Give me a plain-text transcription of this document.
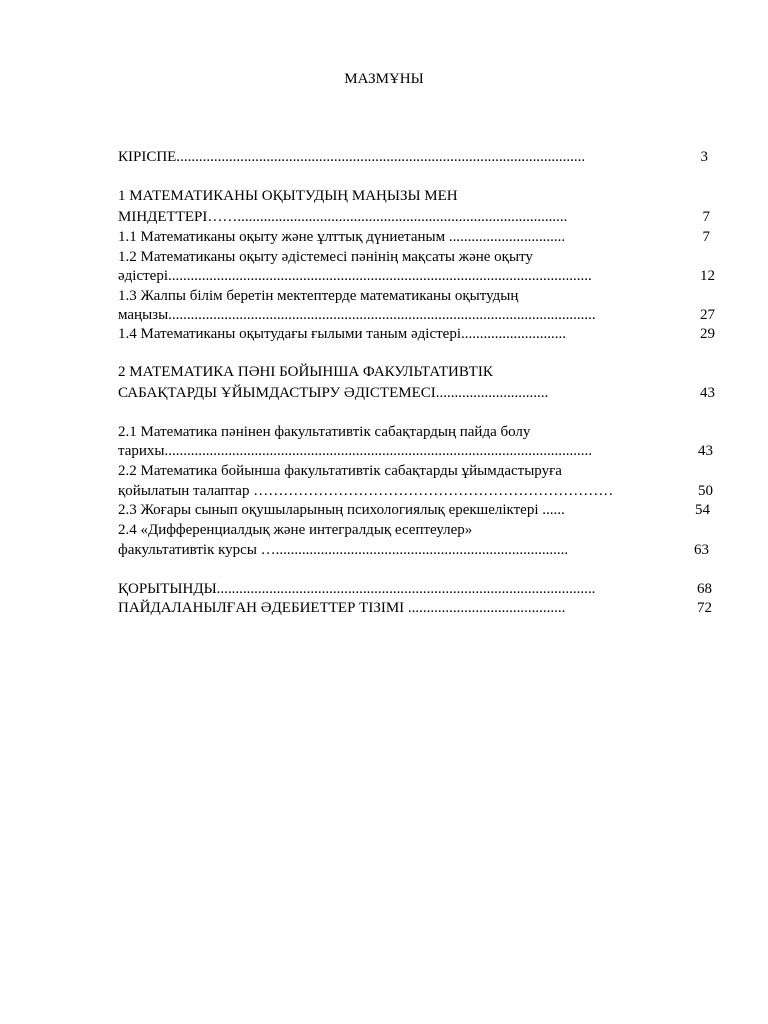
МАЗМҰНЫ
КІРІСПЕ.............................................................................................................	3
1 МАТЕМАТИКАНЫ ОҚЫТУДЫҢ МАҢЫЗЫ МЕН
МІНДЕТТЕРІ……........................................................................................	7
1.1 Математиканы оқыту және ұлттық дүниетаным ...............................	7
1.2 Математиканы оқыту әдістемесі пәнінің мақсаты және оқыту
әдістері.................................................................................................................	12
1.3 Жалпы білім беретін мектептерде математиканы оқытудың
маңызы..................................................................................................................	27
1.4 Математиканы оқытудағы ғылыми таным әдістері............................	29
2 МАТЕМАТИКА ПӘНІ БОЙЫНША ФАКУЛЬТАТИВТІК
САБАҚТАРДЫ ҰЙЫМДАСТЫРУ ӘДІСТЕМЕСІ..............................	43
2.1 Математика пәнінен факультативтік сабақтардың пайда болу
тарихы..................................................................................................................	43
2.2 Математика бойынша факультативтік сабақтарды ұйымдастыруға
қойылатын талаптар ………………………………………………………………	50
2.3 Жоғары сынып оқушыларының психологиялық ерекшеліктері ......	54
2.4 «Дифференциалдық және интегралдық есептеулер»
факультативтік курсы …..............................................................................	63
ҚОРЫТЫНДЫ.....................................................................................................	68
ПАЙДАЛАНЫЛҒАН ӘДЕБИЕТТЕР ТІЗІМІ ..........................................	72
